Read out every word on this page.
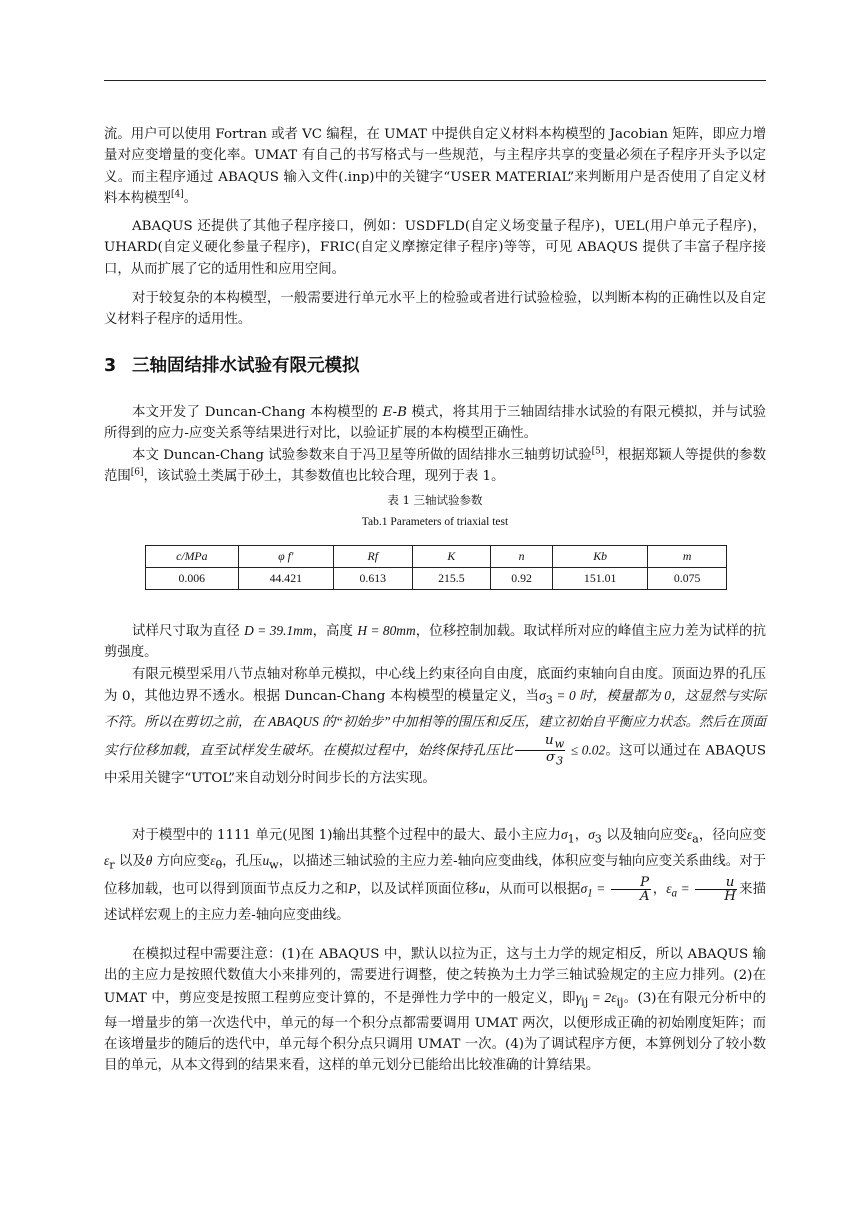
流。用户可以使用 Fortran 或者 VC 编程，在 UMAT 中提供自定义材料本构模型的 Jacobian 矩阵，即应力增量对应变增量的变化率。UMAT 有自己的书写格式与一些规范，与主程序共享的变量必须在子程序开头予以定义。而主程序通过 ABAQUS 输入文件(.inp)中的关键字“USER MATERIAL”来判断用户是否使用了自定义材料本构模型[4]。

ABAQUS 还提供了其他子程序接口，例如：USDFLD(自定义场变量子程序)，UEL(用户单元子程序)，UHARD(自定义硬化参量子程序)，FRIC(自定义摩擦定律子程序)等等，可见 ABAQUS 提供了丰富子程序接口，从而扩展了它的适用性和应用空间。

对于较复杂的本构模型，一般需要进行单元水平上的检验或者进行试验检验，以判断本构的正确性以及自定义材料子程序的适用性。

3 三轴固结排水试验有限元模拟

本文开发了 Duncan-Chang 本构模型的 E-B 模式，将其用于三轴固结排水试验的有限元模拟，并与试验所得到的应力-应变关系等结果进行对比，以验证扩展的本构模型正确性。

本文 Duncan-Chang 试验参数来自于冯卫星等所做的固结排水三轴剪切试验[5]，根据郑颖人等提供的参数范围[6]，该试验土类属于砂土，其参数值也比较合理，现列于表 1。

表 1 三轴试验参数
Tab.1 Parameters of triaxial test
c/MPa	φ f'	Rf	K	n	Kb	m
0.006	44.421	0.613	215.5	0.92	151.01	0.075

试样尺寸取为直径 D = 39.1mm，高度 H = 80mm，位移控制加载。取试样所对应的峰值主应力差为试样的抗剪强度。

有限元模型采用八节点轴对称单元模拟，中心线上约束径向自由度，底面约束轴向自由度。顶面边界的孔压为 0，其他边界不透水。根据 Duncan-Chang 本构模型的模量定义，当$\sigma_3 = 0$ 时，模量都为 0，这显然与实际不符。所以在剪切之前，在 ABAQUS 的“初始步”中加相等的围压和反压，建立初始自平衡应力状态。然后在顶面实行位移加载，直至试样发生破坏。在模拟过程中，始终保持孔压比 $\frac{u_w}{\sigma_3} \le 0.02$。这可以通过在 ABAQUS 中采用关键字“UTOL”来自动划分时间步长的方法实现。

对于模型中的 1111 单元(见图 1)输出其整个过程中的最大、最小主应力$\sigma_1$，$\sigma_3$ 以及轴向应变$\varepsilon_a$，径向应变$\varepsilon_r$ 以及θ 方向应变$\varepsilon_\theta$，孔压$u_w$，以描述三轴试验的主应力差-轴向应变曲线，体积应变与轴向应变关系曲线。对于位移加载，也可以得到顶面节点反力之和P，以及试样顶面位移u，从而可以根据$\sigma_1 = \frac{P}{A}$ ，$\varepsilon_a = \frac{u}{H}$ 来描述试样宏观上的主应力差-轴向应变曲线。

在模拟过程中需要注意：(1)在 ABAQUS 中，默认以拉为正，这与土力学的规定相反，所以 ABAQUS 输出的主应力是按照代数值大小来排列的，需要进行调整，使之转换为土力学三轴试验规定的主应力排列。(2)在 UMAT 中，剪应变是按照工程剪应变计算的，不是弹性力学中的一般定义，即$\gamma_{ij} = 2\varepsilon_{ij}$。(3)在有限元分析中的每一增量步的第一次迭代中，单元的每一个积分点都需要调用 UMAT 两次，以便形成正确的初始刚度矩阵；而在该增量步的随后的迭代中，单元每个积分点只调用 UMAT 一次。(4)为了调试程序方便，本算例划分了较小数目的单元，从本文得到的结果来看，这样的单元划分已能给出比较准确的计算结果。
